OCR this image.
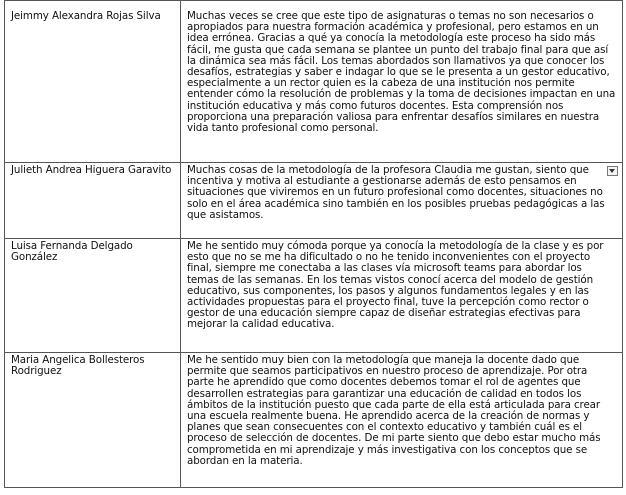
Jeimmy Alexandra Rojas Silva	Muchas veces se cree que este tipo de asignaturas o temas no son necesarios o apropiados para nuestra formación académica y profesional, pero estamos en un idea errónea. Gracias a qué ya conocía la metodología este proceso ha sido más fácil, me gusta que cada semana se plantee un punto del trabajo final para que así la dinámica sea más fácil. Los temas abordados son llamativos ya que conocer los desafíos, estrategias y saber e indagar lo que se le presenta a un gestor educativo, especialmente a un rector quien es la cabeza de una institución nos permite entender cómo la resolución de problemas y la toma de decisiones impactan en una institución educativa y más como futuros docentes. Esta comprensión nos proporciona una preparación valiosa para enfrentar desafíos similares en nuestra vida tanto profesional como personal.

Julieth Andrea Higuera Garavito	Muchas cosas de la metodología de la profesora Claudia me gustan, siento que incentiva y motiva al estudiante a gestionarse además de esto pensamos en situaciones que viviremos en un futuro profesional como docentes, situaciones no solo en el área académica sino también en los posibles pruebas pedagógicas a las que asistamos.

Luisa Fernanda Delgado González	Me he sentido muy cómoda porque ya conocía la metodología de la clase y es por esto que no se me ha dificultado o no he tenido inconvenientes con el proyecto final, siempre me conectaba a las clases vía microsoft teams para abordar los temas de las semanas. En los temas vistos conocí acerca del modelo de gestión educativo, sus componentes, los pasos y algunos fundamentos legales y en las actividades propuestas para el proyecto final, tuve la percepción como rector o gestor de una educación siempre capaz de diseñar estrategias efectivas para mejorar la calidad educativa.

Maria Angelica Bollesteros Rodriguez	Me he sentido muy bien con la metodología que maneja la docente dado que permite que seamos participativos en nuestro proceso de aprendizaje. Por otra parte he aprendido que como docentes debemos tomar el rol de agentes que desarrollen estrategias para garantizar una educación de calidad en todos los ámbitos de la institución puesto que cada parte de ella está articulada para crear una escuela realmente buena. He aprendido acerca de la creación de normas y planes que sean consecuentes con el contexto educativo y también cuál es el proceso de selección de docentes. De mi parte siento que debo estar mucho más comprometida en mi aprendizaje y más investigativa con los conceptos que se abordan en la materia.
